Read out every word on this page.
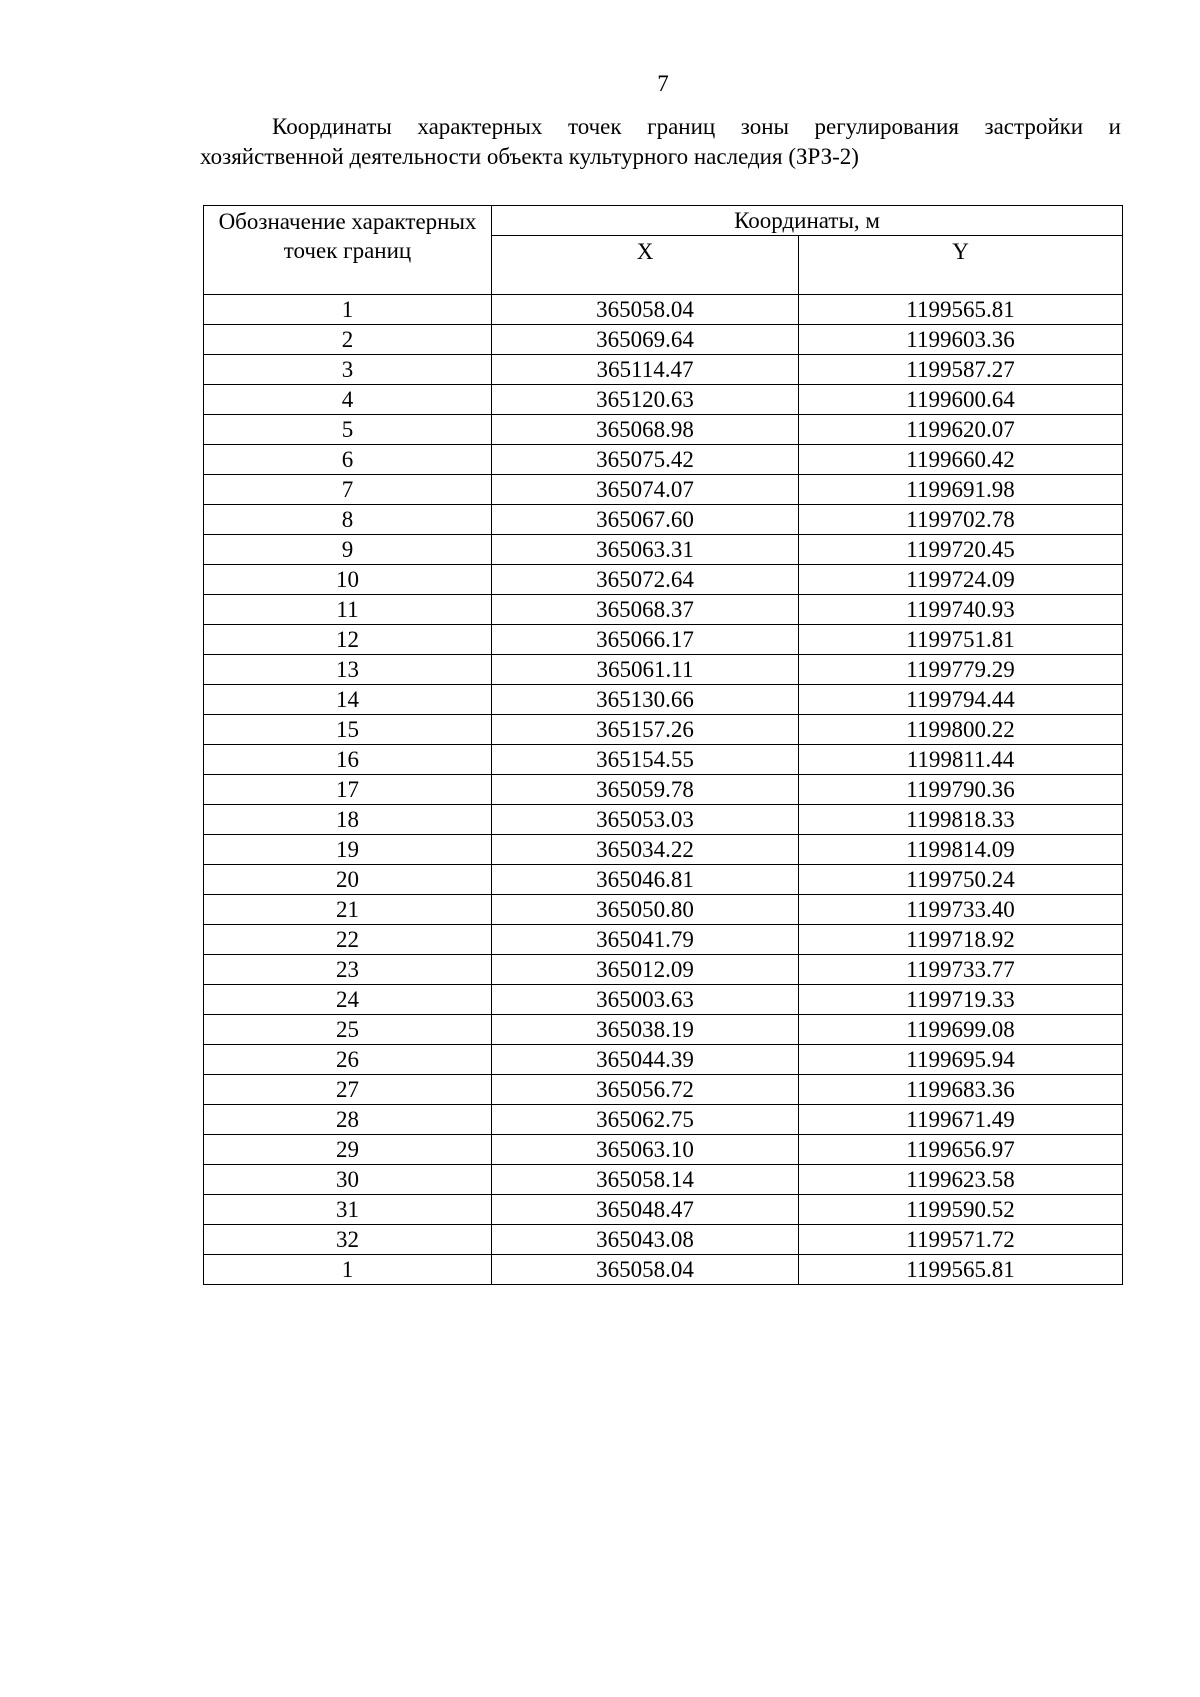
7
Координаты характерных точек границ зоны регулирования застройки и хозяйственной деятельности объекта культурного наследия (ЗРЗ-2)
Обозначение характерных точек границ	Координаты, м	
	X	Y
1	365058.04	1199565.81
2	365069.64	1199603.36
3	365114.47	1199587.27
4	365120.63	1199600.64
5	365068.98	1199620.07
6	365075.42	1199660.42
7	365074.07	1199691.98
8	365067.60	1199702.78
9	365063.31	1199720.45
10	365072.64	1199724.09
11	365068.37	1199740.93
12	365066.17	1199751.81
13	365061.11	1199779.29
14	365130.66	1199794.44
15	365157.26	1199800.22
16	365154.55	1199811.44
17	365059.78	1199790.36
18	365053.03	1199818.33
19	365034.22	1199814.09
20	365046.81	1199750.24
21	365050.80	1199733.40
22	365041.79	1199718.92
23	365012.09	1199733.77
24	365003.63	1199719.33
25	365038.19	1199699.08
26	365044.39	1199695.94
27	365056.72	1199683.36
28	365062.75	1199671.49
29	365063.10	1199656.97
30	365058.14	1199623.58
31	365048.47	1199590.52
32	365043.08	1199571.72
1	365058.04	1199565.81
